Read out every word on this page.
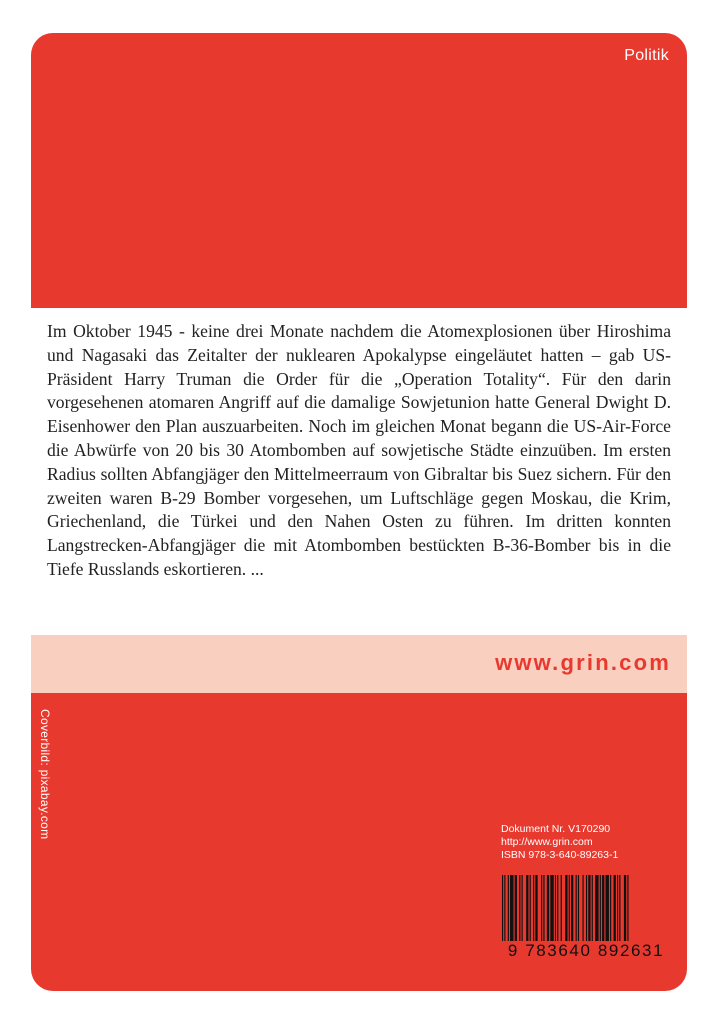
Politik

Im Oktober 1945 - keine drei Monate nachdem die Atomexplosionen über Hiroshima und Nagasaki das Zeitalter der nuklearen Apokalypse eingeläutet hatten – gab US-Präsident Harry Truman die Order für die „Operation Totality“. Für den darin vorgesehenen atomaren Angriff auf die damalige Sowjetunion hatte General Dwight D. Eisenhower den Plan auszuarbeiten. Noch im gleichen Monat begann die US-Air-Force die Abwürfe von 20 bis 30 Atombomben auf sowjetische Städte einzuüben. Im ersten Radius sollten Abfangjäger den Mittelmeerraum von Gibraltar bis Suez sichern. Für den zweiten waren B-29 Bomber vorgesehen, um Luftschläge gegen Moskau, die Krim, Griechenland, die Türkei und den Nahen Osten zu führen. Im dritten konnten Langstrecken-Abfangjäger die mit Atombomben bestückten B-36-Bomber bis in die Tiefe Russlands eskortieren. ...

www.grin.com
Coverbild: pixabay.com	Dokument Nr. V170290
http://www.grin.com
ISBN 978-3-640-89263-1
9 783640 892631
